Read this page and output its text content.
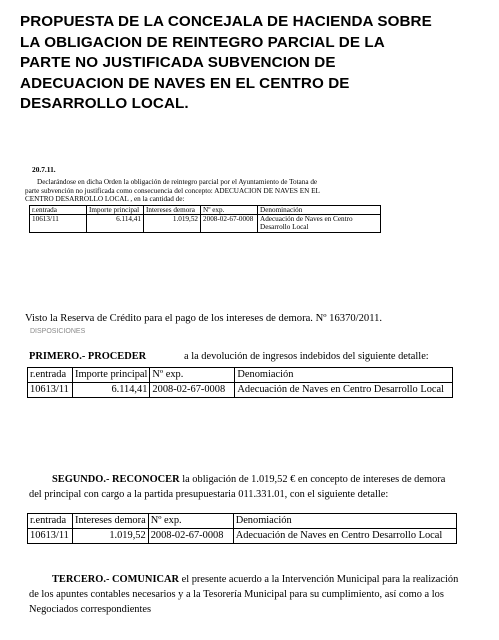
PROPUESTA DE LA CONCEJALA DE HACIENDA SOBRE
LA OBLIGACION DE REINTEGRO PARCIAL DE LA
PARTE NO JUSTIFICADA SUBVENCION DE
ADECUACION DE NAVES EN EL CENTRO DE
DESARROLLO LOCAL.
20.7.11.
Declarándose en dicha Orden la obligación de reintegro parcial por el Ayuntamiento de Totana de
parte subvención no justificada como consecuencia del concepto: ADECUACION DE NAVES EN EL
CENTRO DESARROLLO LOCAL , en la cantidad de:
r.entrada	Importe principal	Intereses demora	Nº exp.	Denominación
10613/11	6.114,41	1.019,52	2008-02-67-0008	Adecuación de Naves en Centro Desarrollo Local
Visto la Reserva de Crédito para el pago de los intereses de demora. Nº 16370/2011.
DISPOSICIONES
PRIMERO.- PROCEDER	a la devolución de ingresos indebidos del siguiente detalle:
r.entrada	Importe principal	Nº exp.	Denomiación
10613/11	6.114,41	2008-02-67-0008	Adecuación de Naves en Centro Desarrollo Local
SEGUNDO.- RECONOCER la obligación de 1.019,52 € en concepto de intereses de demora
del principal con cargo a la partida presupuestaria 011.331.01, con el siguiente detalle:
r.entrada	Intereses demora	Nº exp.	Denomiación
10613/11	1.019,52	2008-02-67-0008	Adecuación de Naves en Centro Desarrollo Local
TERCERO.- COMUNICAR el presente acuerdo a la Intervención Municipal para la realización
de los apuntes contables necesarios y a la Tesorería Municipal para su cumplimiento, así como a los
Negociados correspondientes
